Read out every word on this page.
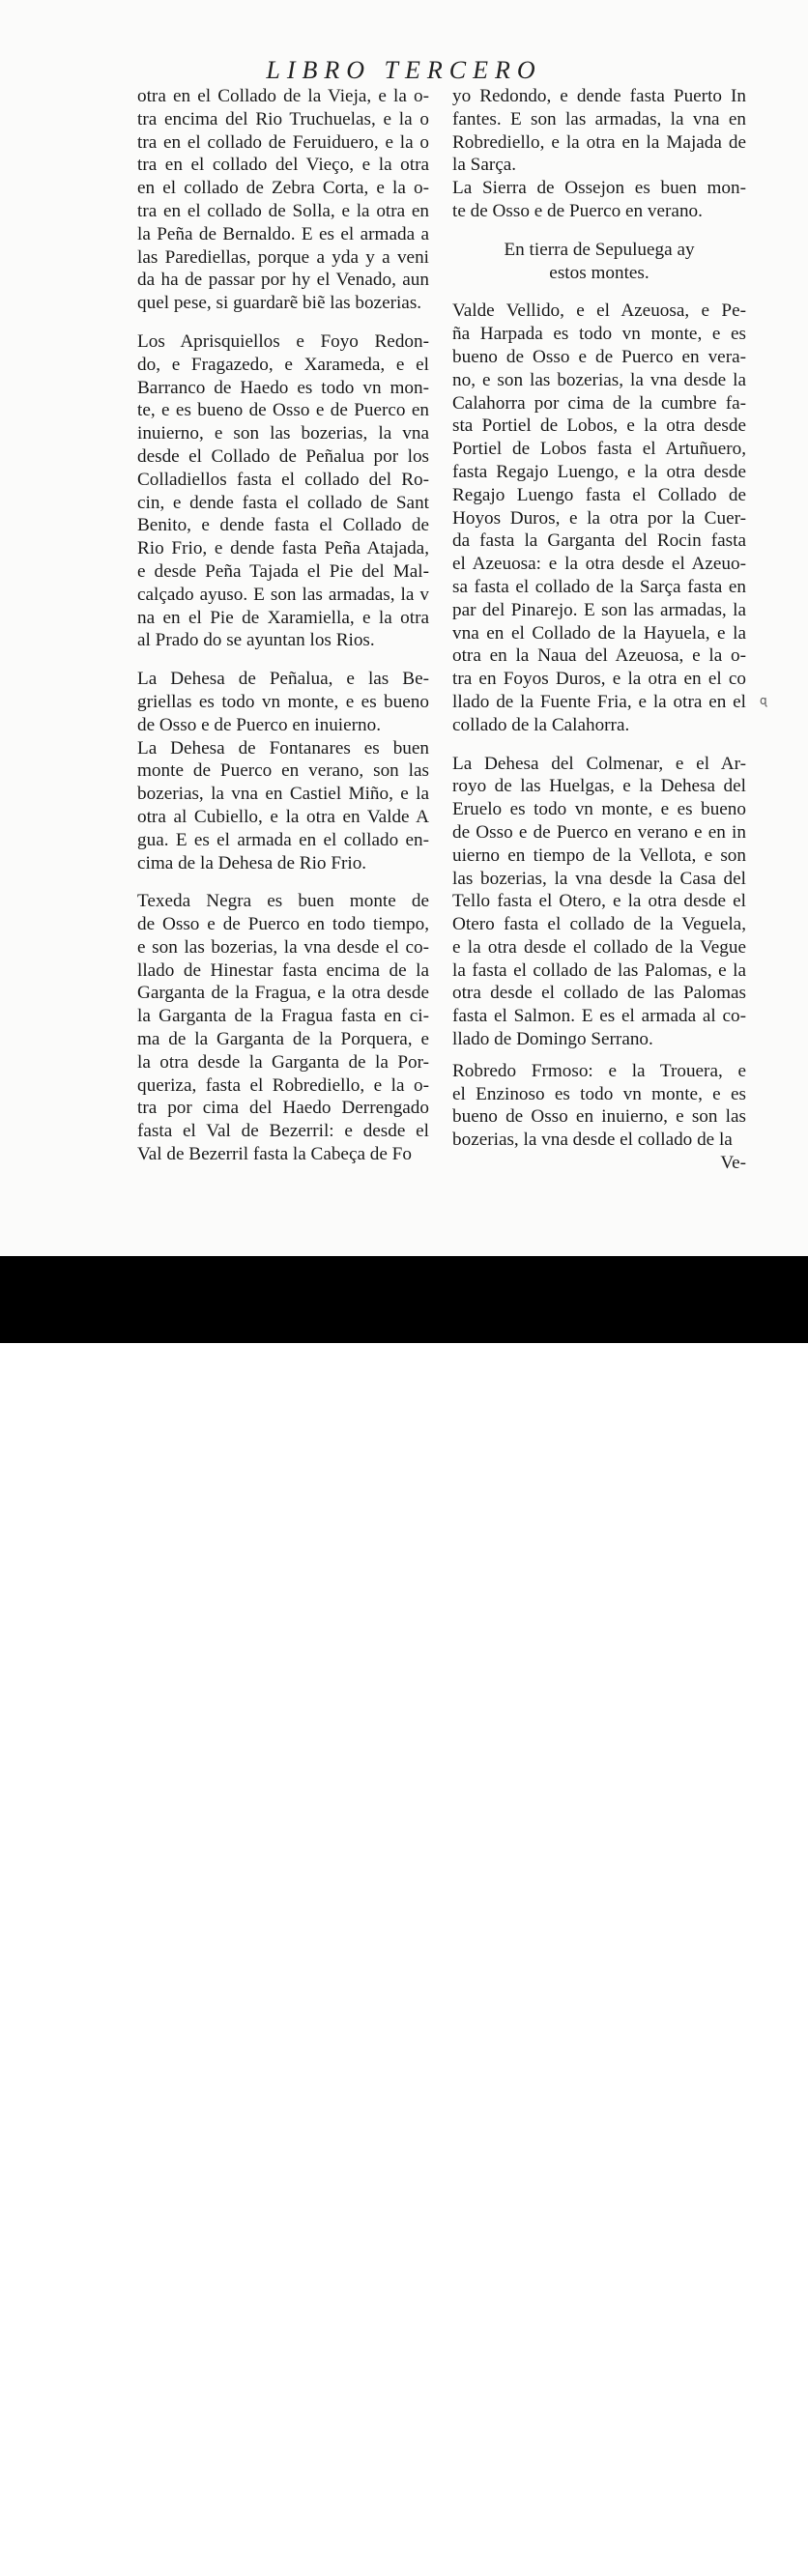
LIBRO TERCERO
otra en el Collado de la Vieja, e la o-
tra encima del Rio Truchuelas, e la o
tra en el collado de Feruiduero, e la o
tra en el collado del Vieço, e la otra
en el collado de Zebra Corta, e la o-
tra en el collado de Solla, e la otra en
la Peña de Bernaldo. E es el armada a
las Parediellas, porque a yda y a veni
da ha de passar por hy el Venado, aun
quel pese, si guardarẽ biẽ las bozerias.
Los Aprisquiellos e Foyo Redon-
do, e Fragazedo, e Xarameda, e el
Barranco de Haedo es todo vn mon-
te, e es bueno de Osso e de Puerco en
inuierno, e son las bozerias, la vna
desde el Collado de Peñalua por los
Colladiellos fasta el collado del Ro-
cin, e dende fasta el collado de Sant
Benito, e dende fasta el Collado de
Rio Frio, e dende fasta Peña Atajada,
e desde Peña Tajada el Pie del Mal-
calçado ayuso. E son las armadas, la v
na en el Pie de Xaramiella, e la otra
al Prado do se ayuntan los Rios.
La Dehesa de Peñalua, e las Be-
griellas es todo vn monte, e es bueno
de Osso e de Puerco en inuierno.
La Dehesa de Fontanares es buen
monte de Puerco en verano, son las
bozerias, la vna en Castiel Miño, e la
otra al Cubiello, e la otra en Valde A
gua. E es el armada en el collado en-
cima de la Dehesa de Rio Frio.
Texeda Negra es buen monte de
de Osso e de Puerco en todo tiempo,
e son las bozerias, la vna desde el co-
llado de Hinestar fasta encima de la
Garganta de la Fragua, e la otra desde
la Garganta de la Fragua fasta en ci-
ma de la Garganta de la Porquera, e
la otra desde la Garganta de la Por-
queriza, fasta el Robrediello, e la o-
tra por cima del Haedo Derrengado
fasta el Val de Bezerril: e desde el
Val de Bezerril fasta la Cabeça de Fo
yo Redondo, e dende fasta Puerto In
fantes. E son las armadas, la vna en
Robrediello, e la otra en la Majada de
la Sarça.
La Sierra de Ossejon es buen mon-
te de Osso e de Puerco en verano.
En tierra de Sepuluega ay
estos montes.
Valde Vellido, e el Azeuosa, e Pe-
ña Harpada es todo vn monte, e es
bueno de Osso e de Puerco en vera-
no, e son las bozerias, la vna desde la
Calahorra por cima de la cumbre fa-
sta Portiel de Lobos, e la otra desde
Portiel de Lobos fasta el Artuñuero,
fasta Regajo Luengo, e la otra desde
Regajo Luengo fasta el Collado de
Hoyos Duros, e la otra por la Cuer-
da fasta la Garganta del Rocin fasta
el Azeuosa: e la otra desde el Azeuo-
sa fasta el collado de la Sarça fasta en
par del Pinarejo. E son las armadas, la
vna en el Collado de la Hayuela, e la
otra en la Naua del Azeuosa, e la o-
tra en Foyos Duros, e la otra en el co
llado de la Fuente Fria, e la otra en el
collado de la Calahorra.
La Dehesa del Colmenar, e el Ar-
royo de las Huelgas, e la Dehesa del
Eruelo es todo vn monte, e es bueno
de Osso e de Puerco en verano e en in
uierno en tiempo de la Vellota, e son
las bozerias, la vna desde la Casa del
Tello fasta el Otero, e la otra desde el
Otero fasta el collado de la Veguela,
e la otra desde el collado de la Vegue
la fasta el collado de las Palomas, e la
otra desde el collado de las Palomas
fasta el Salmon. E es el armada al co-
llado de Domingo Serrano.
Robredo Frmoso: e la Trouera, e
el Enzinoso es todo vn monte, e es
bueno de Osso en inuierno, e son las
bozerias, la vna desde el collado de la
Ve-
ɋ
alamy	Image ID: K9528F
www.alamy.com
